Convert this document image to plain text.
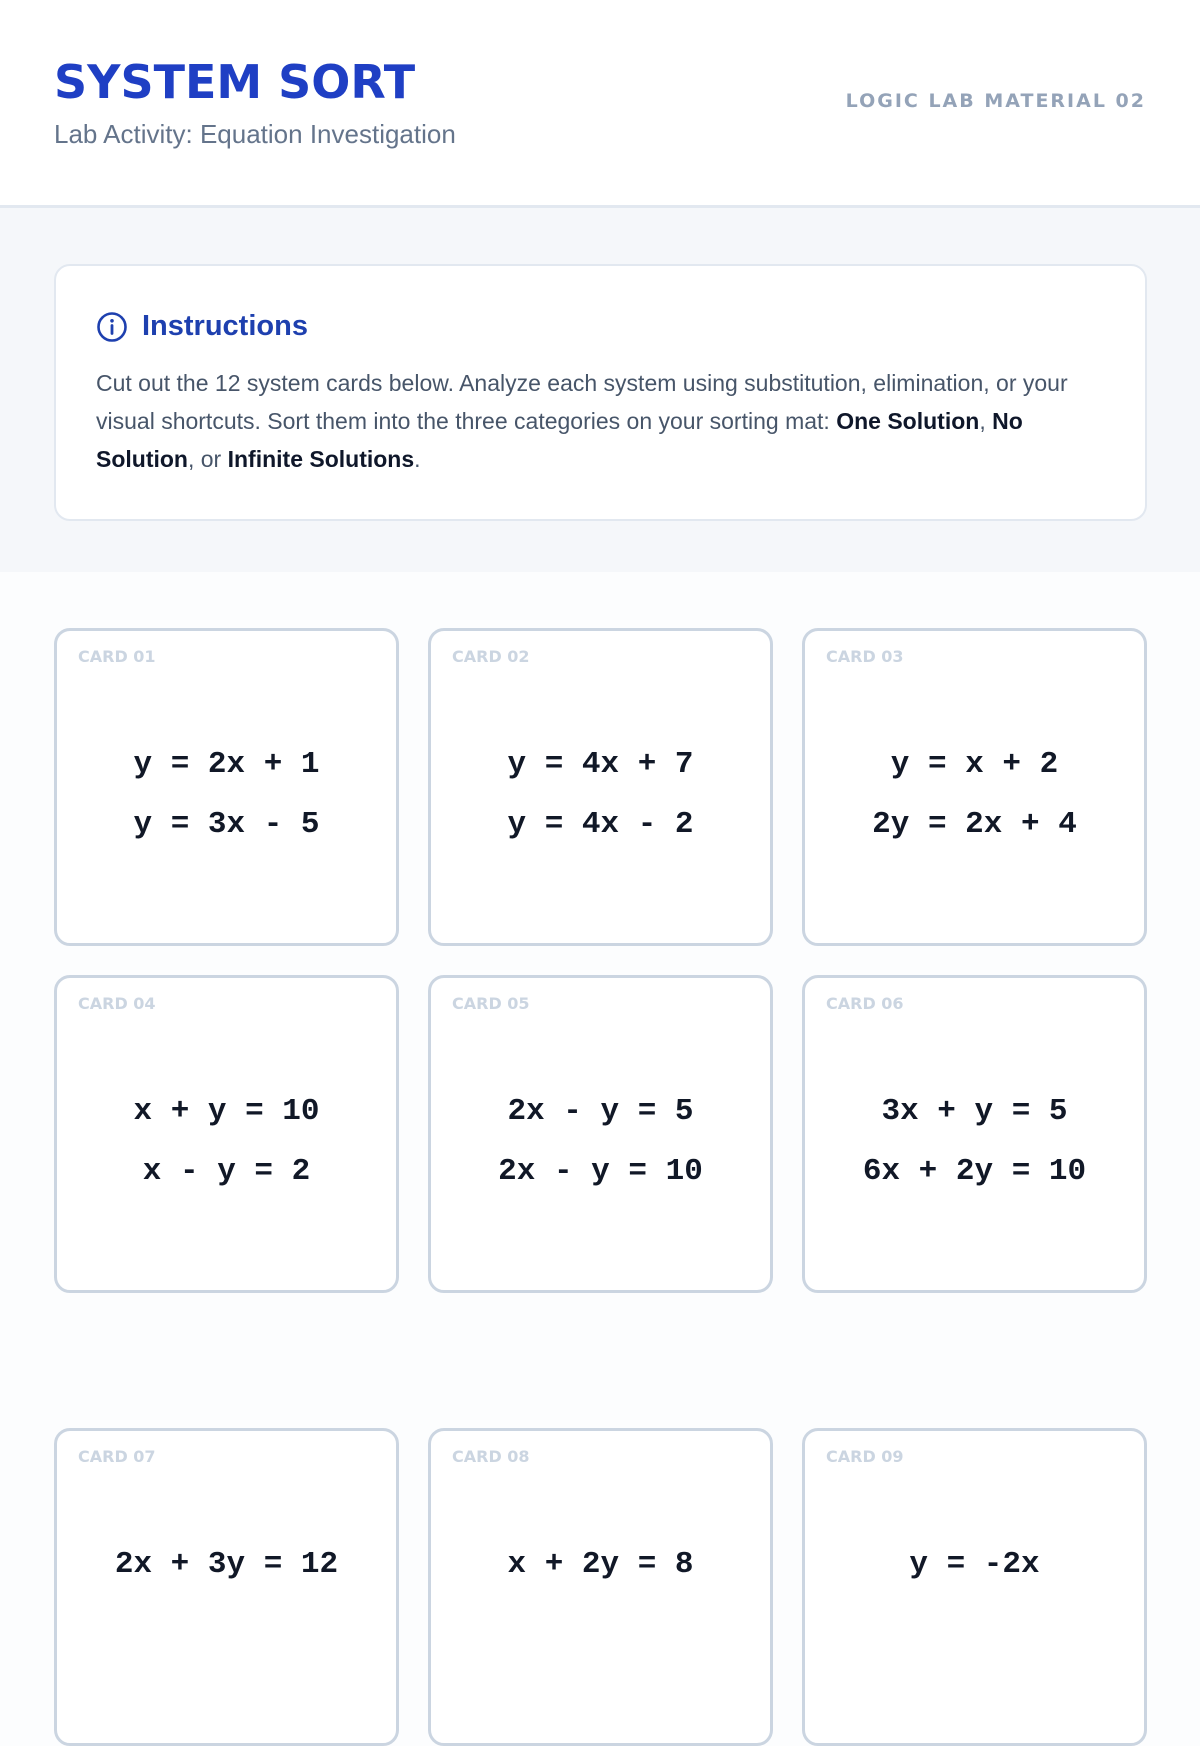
SYSTEM SORT
Lab Activity: Equation Investigation
LOGIC LAB MATERIAL 02
Instructions
Cut out the 12 system cards below. Analyze each system using substitution, elimination, or your visual shortcuts. Sort them into the three categories on your sorting mat: One Solution, No Solution, or Infinite Solutions.
CARD 01
y = 2x + 1
y = 3x - 5
CARD 02
y = 4x + 7
y = 4x - 2
CARD 03
y = x + 2
2y = 2x + 4
CARD 04
x + y = 10
x - y = 2
CARD 05
2x - y = 5
2x - y = 10
CARD 06
3x + y = 5
6x + 2y = 10
CARD 07
2x + 3y = 12
CARD 08
x + 2y = 8
CARD 09
y = -2x
